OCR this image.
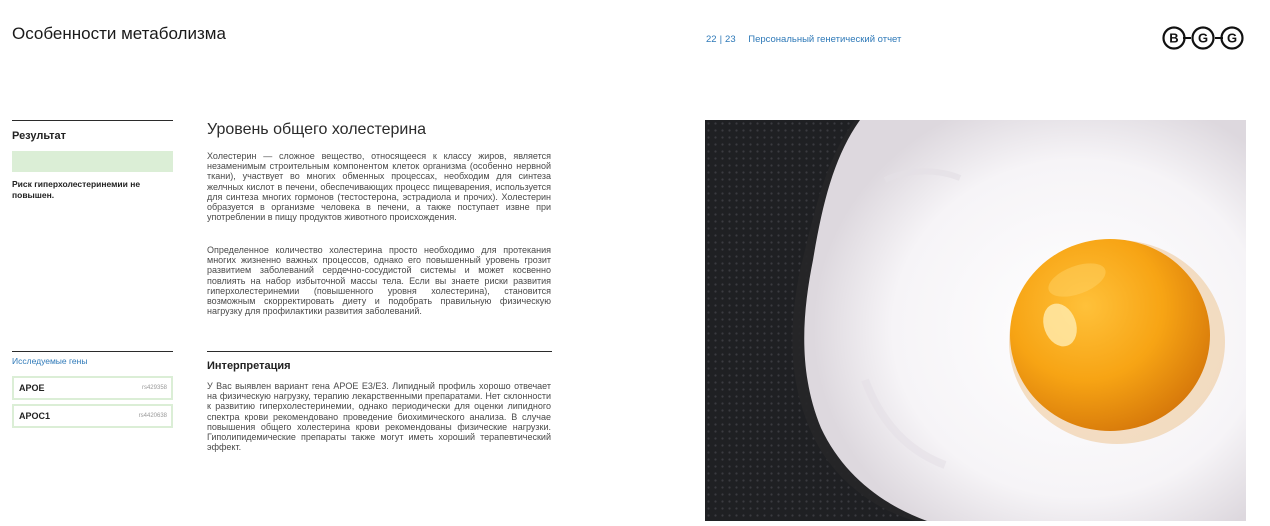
Особенности метаболизма	22 | 23 Персональный генетический отчет	B G G
Результат
Риск гиперхолестеринемии не повышен.
Исследуемые гены
APOE	rs429358
APOC1	rs4420638
Уровень общего холестерина

Холестерин — сложное вещество, относящееся к классу жиров, является незаменимым строительным компонентом клеток организма (особенно нервной ткани), участвует во многих обменных процессах, необходим для синтеза желчных кислот в печени, обеспечивающих процесс пищеварения, используется для синтеза многих гормонов (тестостерона, эстрадиола и прочих). Холестерин образуется в организме человека в печени, а также поступает извне при употреблении в пищу продуктов животного происхождения.

Определенное количество холестерина просто необходимо для протекания многих жизненно важных процессов, однако его повышенный уровень грозит развитием заболеваний сердечно-сосудистой системы и может косвенно повлиять на набор избыточной массы тела. Если вы знаете риски развития гиперхолестеринемии (повышенного уровня холестерина), становится возможным скорректировать диету и подобрать правильную физическую нагрузку для профилактики развития заболеваний.

Интерпретация

У Вас выявлен вариант гена APOE E3/E3. Липидный профиль хорошо отвечает на физическую нагрузку, терапию лекарственными препаратами. Нет склонности к развитию гиперхолестеринемии, однако периодически для оценки липидного спектра крови рекомендовано проведение биохимического анализа. В случае повышения общего холестерина крови рекомендованы физические нагрузки. Гиполипидемические препараты также могут иметь хороший терапевтический эффект.
